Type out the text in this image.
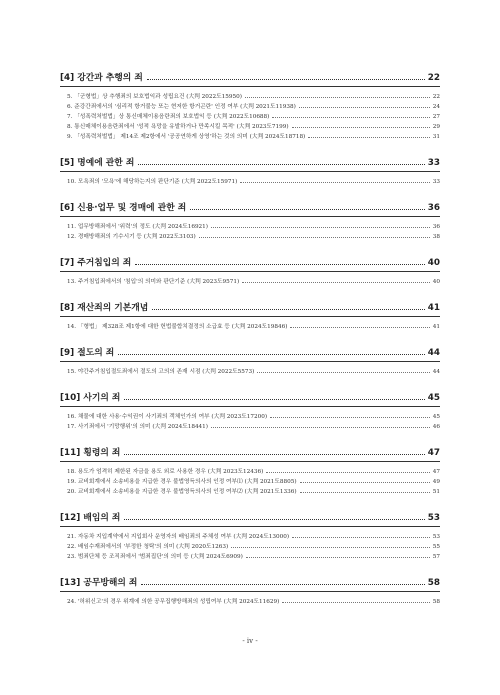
[4] 강간과 추행의 죄	22
5. 「군형법」상 추행죄의 보호법익과 성립요건 (大判 2022도15950)	22
6. 준강간죄에서의 '심리적 항거불능 또는 현저한 항거곤란' 인정 여부 (大判 2021도11938)	24
7. 「성폭력처벌법」상 통신매체이용음란죄의 보호법익 등 (大判 2022도10688)	27
8. 통신매체이용음란죄에서 '성적 욕망을 유발하거나 만족시킬 목적' (大判 2023도7199)	29
9. 「성폭력처벌법」 제14조 제2항에서 '공공연하게 상영'하는 것의 의미 (大判 2024도18718)	31
[5] 명예에 관한 죄	33
10. 모욕죄의 '모욕'에 해당하는지의 판단기준 (大判 2022도15971)	33
[6] 신용·업무 및 경매에 관한 죄	36
11. 업무방해죄에서 '위력'의 정도 (大判 2024도16921)	36
12. 경매방해죄의 기수시기 등 (大判 2022도3103)	38
[7] 주거침입의 죄	40
13. 주거침입죄에서의 '침입'의 의미와 판단기준 (大判 2023도9571)	40
[8] 재산죄의 기본개념	41
14. 「형법」 제328조 제1항에 대한 헌법불합치결정의 소급효 등 (大判 2024도19846)	41
[9] 절도의 죄	44
15. 야간주거침입절도죄에서 절도의 고의의 존재 시점 (大判 2022도5573)	44
[10] 사기의 죄	45
16. 채물에 대한 사용·수익권이 사기죄의 객체인가의 여부 (大判 2023도17200)	45
17. 사기죄에서 '기망행위'의 의미 (大判 2024도18441)	46
[11] 횡령의 죄	47
18. 용도가 엄격히 제한된 자금을 용도 외로 사용한 경우 (大判 2023도12436)	47
19. 교비회계에서 소송비용을 지급한 경우 불법영득의사의 인정 여부⑴ (大判 2021도8805)	49
20. 교비회계에서 소송비용을 지급한 경우 불법영득의사의 인정 여부⑵ (大判 2021도1336)	51
[12] 배임의 죄	53
21. 자동차 지입계약에서 지입회사 운영자의 배임죄의 주체성 여부 (大判 2024도13000)	53
22. 배임수재죄에서의 '부정한 청탁'의 의미 (大判 2020도1263)	55
23. 범죄단체 등 조직죄에서 '범죄집단'의 의미 등 (大判 2024도6909)	57
[13] 공무방해의 죄	58
24. '허위신고'의 경우 위계에 의한 공무집행방해죄의 성립여부 (大判 2024도11629)	58
- iv -
